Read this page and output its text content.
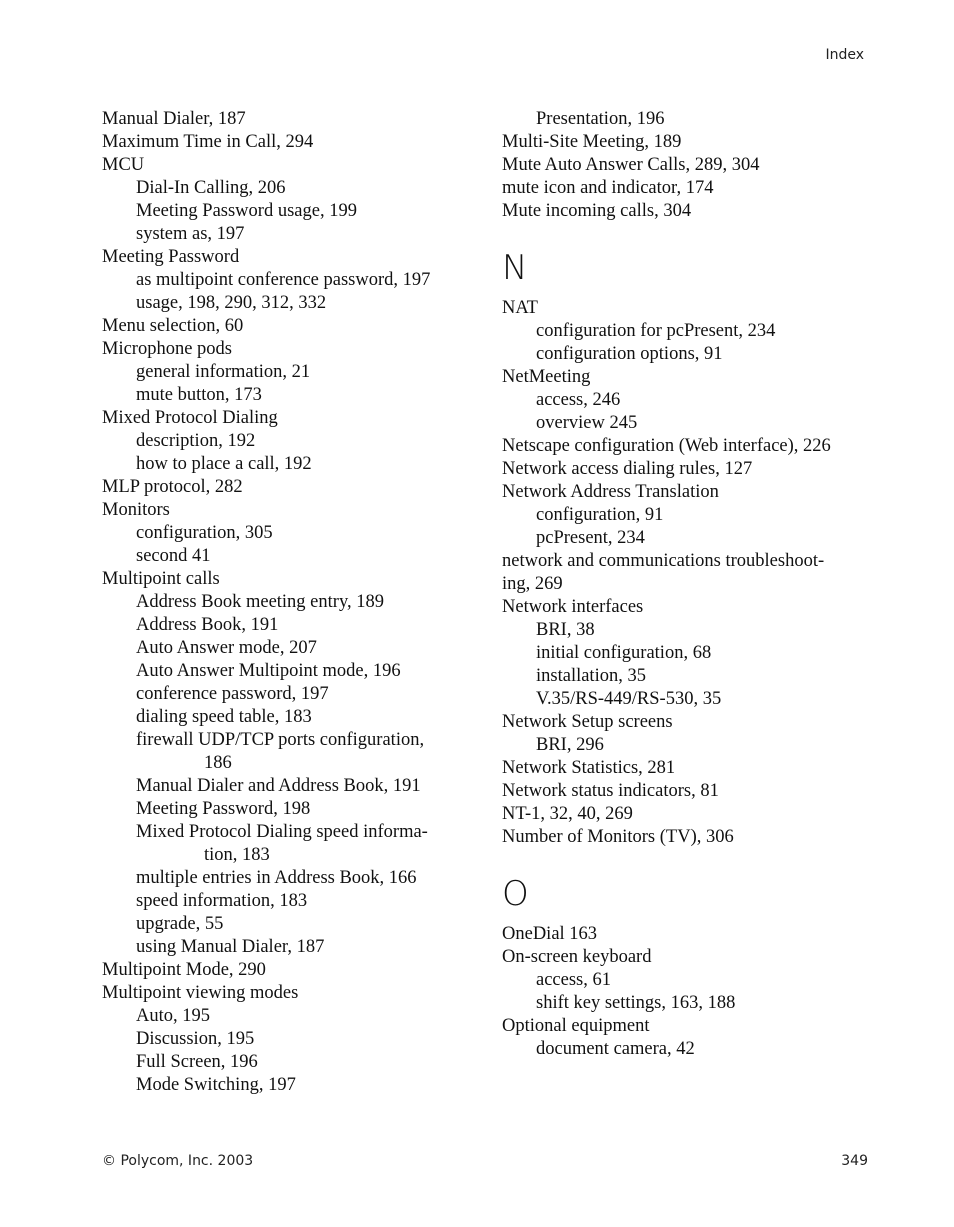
Index
Manual Dialer, 187
Maximum Time in Call, 294
MCU
Dial-In Calling, 206
Meeting Password usage, 199
system as, 197
Meeting Password
as multipoint conference password, 197
usage, 198, 290, 312, 332
Menu selection, 60
Microphone pods
general information, 21
mute button, 173
Mixed Protocol Dialing
description, 192
how to place a call, 192
MLP protocol, 282
Monitors
configuration, 305
second 41
Multipoint calls
Address Book meeting entry, 189
Address Book, 191
Auto Answer mode, 207
Auto Answer Multipoint mode, 196
conference password, 197
dialing speed table, 183
firewall UDP/TCP ports configuration,
186
Manual Dialer and Address Book, 191
Meeting Password, 198
Mixed Protocol Dialing speed informa-
tion, 183
multiple entries in Address Book, 166
speed information, 183
upgrade, 55
using Manual Dialer, 187
Multipoint Mode, 290
Multipoint viewing modes
Auto, 195
Discussion, 195
Full Screen, 196
Mode Switching, 197
Presentation, 196
Multi-Site Meeting, 189
Mute Auto Answer Calls, 289, 304
mute icon and indicator, 174
Mute incoming calls, 304
N
NAT
configuration for pcPresent, 234
configuration options, 91
NetMeeting
access, 246
overview 245
Netscape configuration (Web interface), 226
Network access dialing rules, 127
Network Address Translation
configuration, 91
pcPresent, 234
network and communications troubleshoot-
ing, 269
Network interfaces
BRI, 38
initial configuration, 68
installation, 35
V.35/RS-449/RS-530, 35
Network Setup screens
BRI, 296
Network Statistics, 281
Network status indicators, 81
NT-1, 32, 40, 269
Number of Monitors (TV), 306
O
OneDial 163
On-screen keyboard
access, 61
shift key settings, 163, 188
Optional equipment
document camera, 42
© Polycom, Inc. 2003	349
